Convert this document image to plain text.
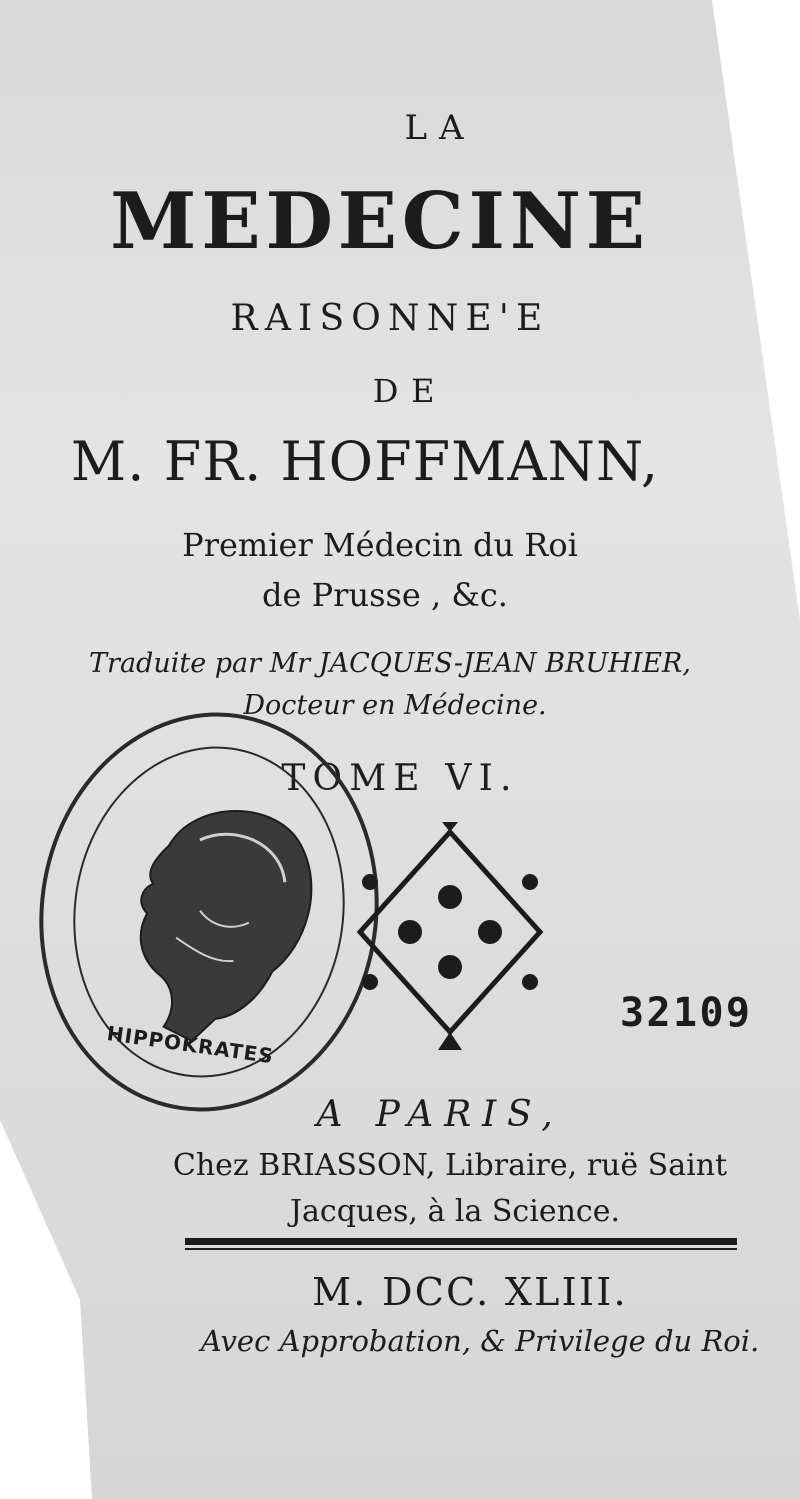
LA

MEDECINE

RAISONNE'E

DE

M. FR. HOFFMANN,

Premier Médecin du Roi

de Prusse , &c.

Traduite par Mr JACQUES-JEAN BRUHIER,

Docteur en Médecine.

TOME VI.

HIPPOKRATES
32109

A PARIS,

Chez BRIASSON, Libraire, ruë Saint

Jacques, à la Science.

M. DCC. XLIII.

Avec Approbation, & Privilege du Roi.
